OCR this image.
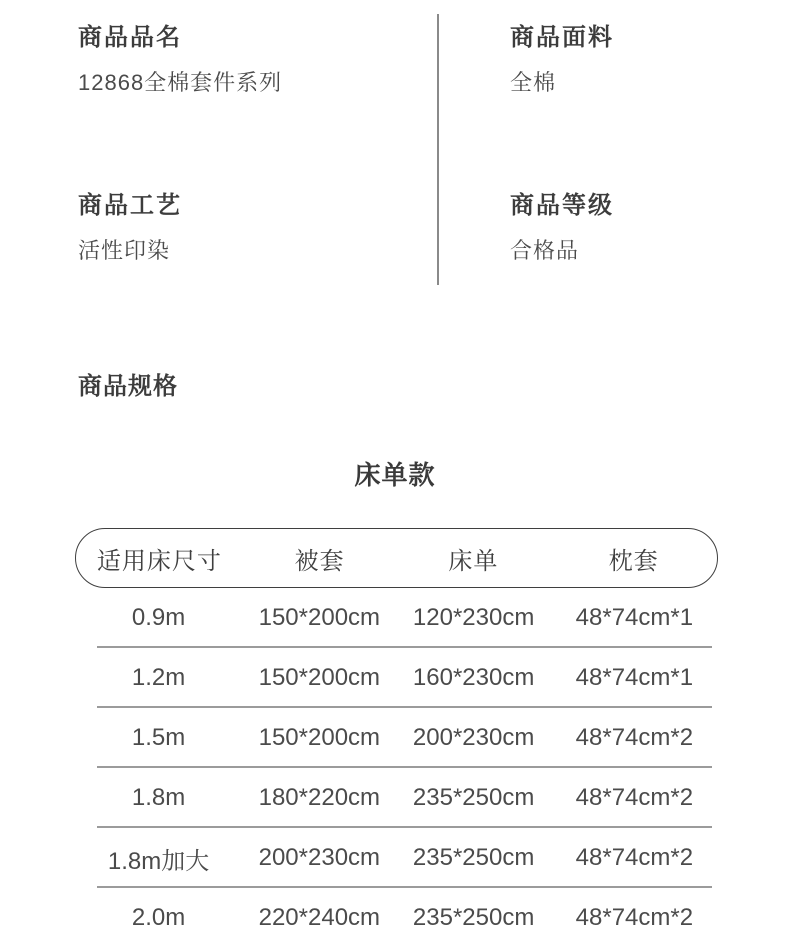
商品品名
12868全棉套件系列
商品面料
全棉
商品工艺
活性印染
商品等级
合格品
商品规格
床单款
适用床尺寸	被套	床单	枕套
0.9m	150*200cm	120*230cm	48*74cm*1
1.2m	150*200cm	160*230cm	48*74cm*1
1.5m	150*200cm	200*230cm	48*74cm*2
1.8m	180*220cm	235*250cm	48*74cm*2
1.8m加大	200*230cm	235*250cm	48*74cm*2
2.0m	220*240cm	235*250cm	48*74cm*2
